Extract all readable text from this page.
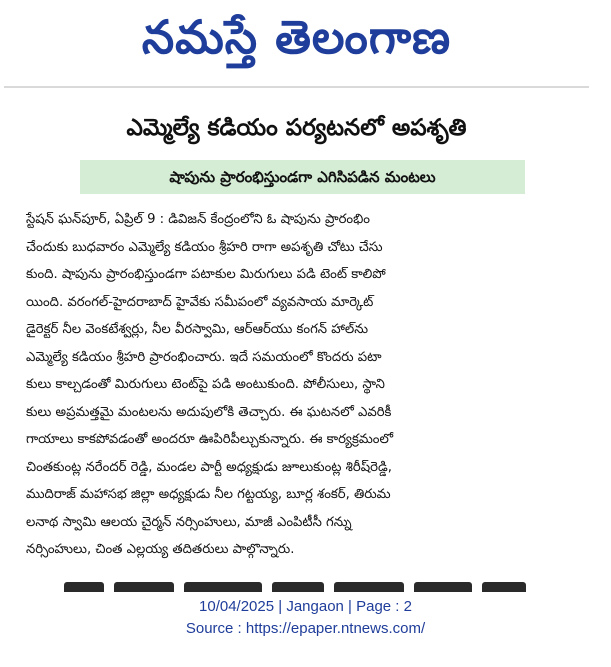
నమస్తే తెలంగాణ
ఎమ్మెల్యే కడియం పర్యటనలో అపశృతి
షాపును ప్రారంభిస్తుండగా ఎగిసిపడిన మంటలు
స్టేషన్ ఘన్‌పూర్, ఏప్రిల్ 9 : డివిజన్ కేంద్రంలోని ఓ షాపును ప్రారంభిం
చేందుకు బుధవారం ఎమ్మెల్యే కడియం శ్రీహరి రాగా అపశృతి చోటు చేసు
కుంది. షాపును ప్రారంభిస్తుండగా పటాకుల మిరుగులు పడి టెంట్ కాలిపో
యింది. వరంగల్-హైదరాబాద్ హైవేకు సమీపంలో వ్యవసాయ మార్కెట్
డైరెక్టర్ నీల వెంకటేశ్వర్లు, నీల వీరస్వామి, ఆర్ఆర్‌యు కంగన్ హాల్‌ను
ఎమ్మెల్యే కడియం శ్రీహరి ప్రారంభించారు. ఇదే సమయంలో కొందరు పటా
కులు కాల్చడంతో మిరుగులు టెంట్‌పై పడి అంటుకుంది. పోలీసులు, స్థాని
కులు అప్రమత్తమై మంటలను అదుపులోకి తెచ్చారు. ఈ ఘటనలో ఎవరికీ
గాయాలు కాకపోవడంతో అందరూ ఊపిరిపీల్చుకున్నారు. ఈ కార్యక్రమంలో
చింతకుంట్ల నరేందర్ రెడ్డి, మండల పార్టీ అధ్యక్షుడు జూలుకుంట్ల శిరీష్‌రెడ్డి,
ముదిరాజ్ మహాసభ జిల్లా అధ్యక్షుడు నీల గట్టయ్య, బూర్ల శంకర్, తిరుమ
లనాథ స్వామి ఆలయ చైర్మన్ నర్సింహులు, మాజీ ఎంపిటీసీ గన్ను
నర్సింహులు, చింత ఎల్లయ్య తదితరులు పాల్గొన్నారు.
10/04/2025 | Jangaon | Page : 2
Source : https://epaper.ntnews.com/
